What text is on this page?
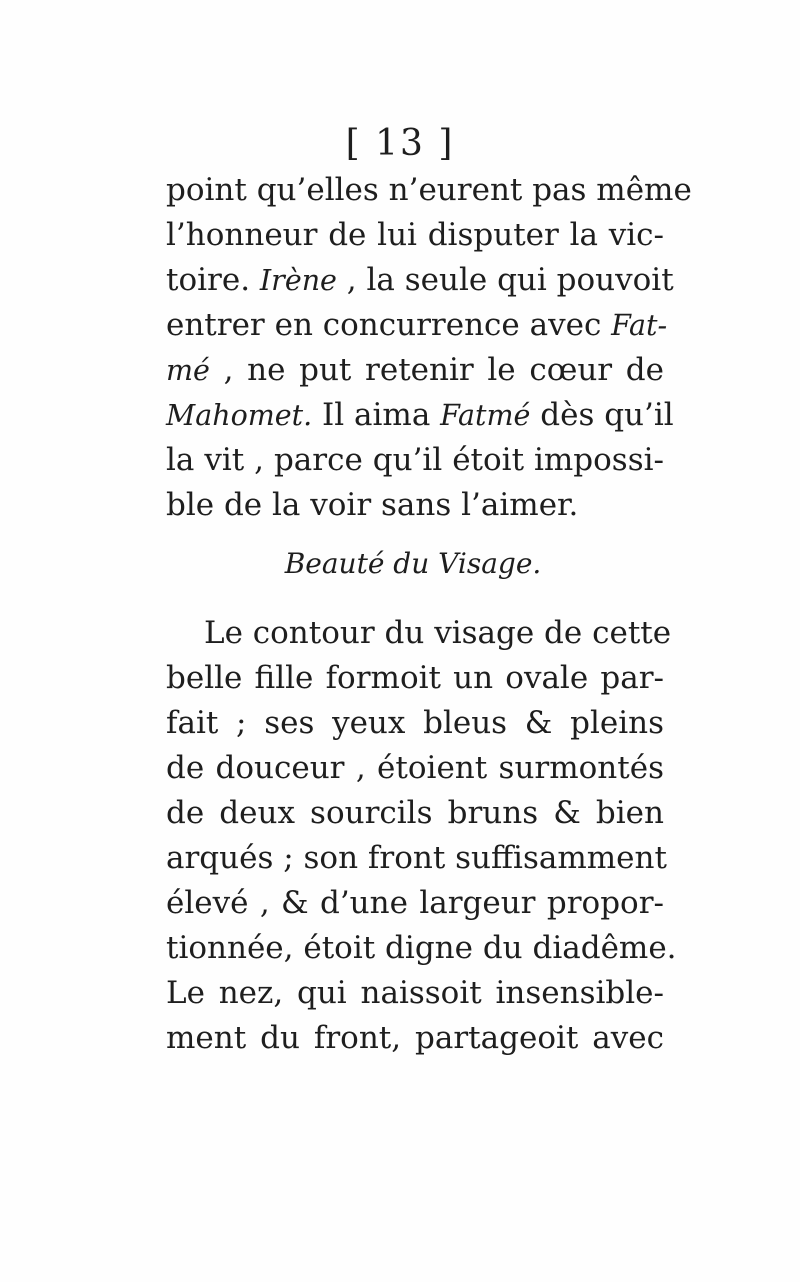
[ 13 ]
point qu’elles n’eurent pas même
l’honneur de lui disputer la vic-
toire. Irène , la seule qui pouvoit
entrer en concurrence avec Fat-
mé , ne put retenir le cœur de
Mahomet. Il aima Fatmé dès qu’il
la vit , parce qu’il étoit impossi-
ble de la voir sans l’aimer.
Beauté du Visage.
Le contour du visage de cette
belle fille formoit un ovale par-
fait ; ses yeux bleus & pleins
de douceur , étoient surmontés
de deux sourcils bruns & bien
arqués ; son front suffisamment
élevé , & d’une largeur propor-
tionnée, étoit digne du diadême.
Le nez, qui naissoit insensible-
ment du front, partageoit avec
